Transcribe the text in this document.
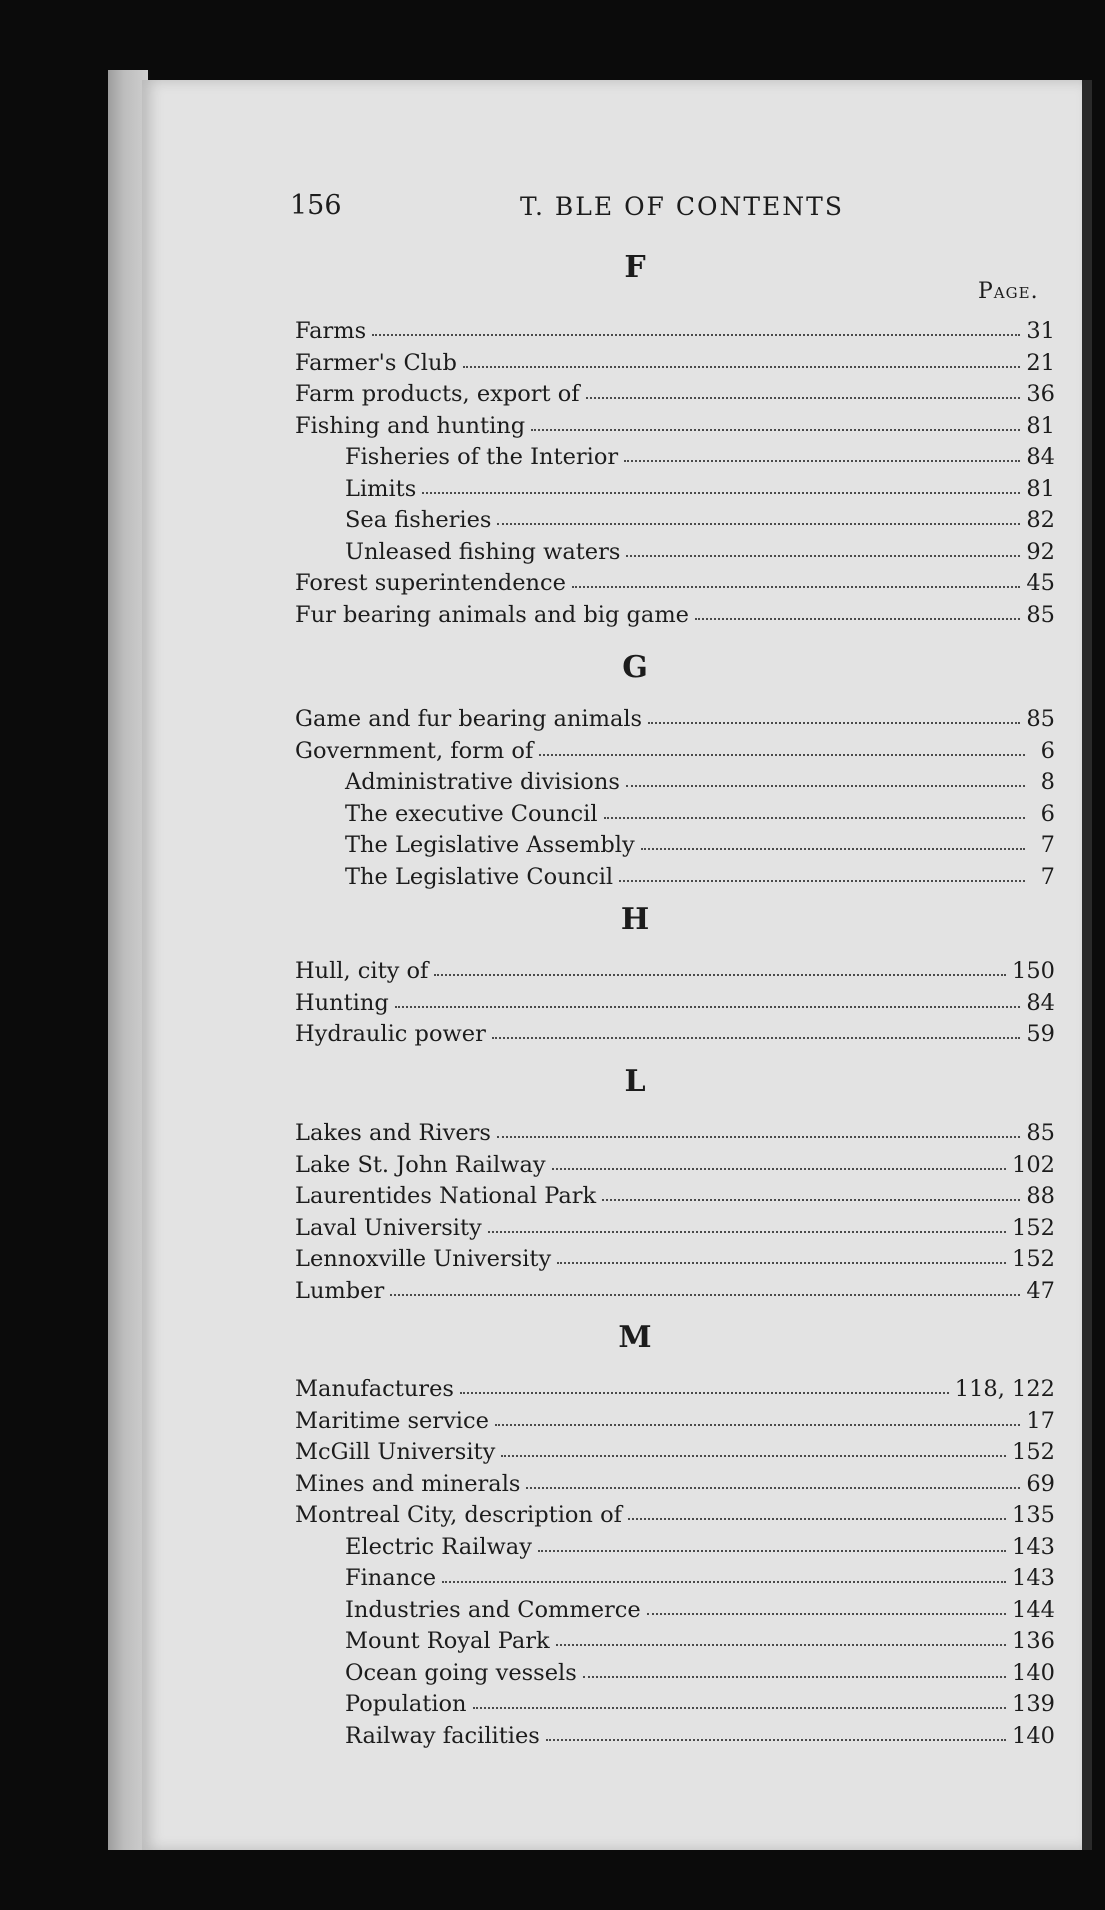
156	T. BLE OF CONTENTS
Page.
F
Farms	31
Farmer's Club	21
Farm products, export of	36
Fishing and hunting	81
Fisheries of the Interior	84
Limits	81
Sea fisheries	82
Unleased fishing waters	92
Forest superintendence	45
Fur bearing animals and big game	85
G
Game and fur bearing animals	85
Government, form of	6
Administrative divisions	8
The executive Council	6
The Legislative Assembly	7
The Legislative Council	7
H
Hull, city of	150
Hunting	84
Hydraulic power	59
L
Lakes and Rivers	85
Lake St. John Railway	102
Laurentides National Park	88
Laval University	152
Lennoxville University	152
Lumber	47
M
Manufactures	118, 122
Maritime service	17
McGill University	152
Mines and minerals	69
Montreal City, description of	135
Electric Railway	143
Finance	143
Industries and Commerce	144
Mount Royal Park	136
Ocean going vessels	140
Population	139
Railway facilities	140
